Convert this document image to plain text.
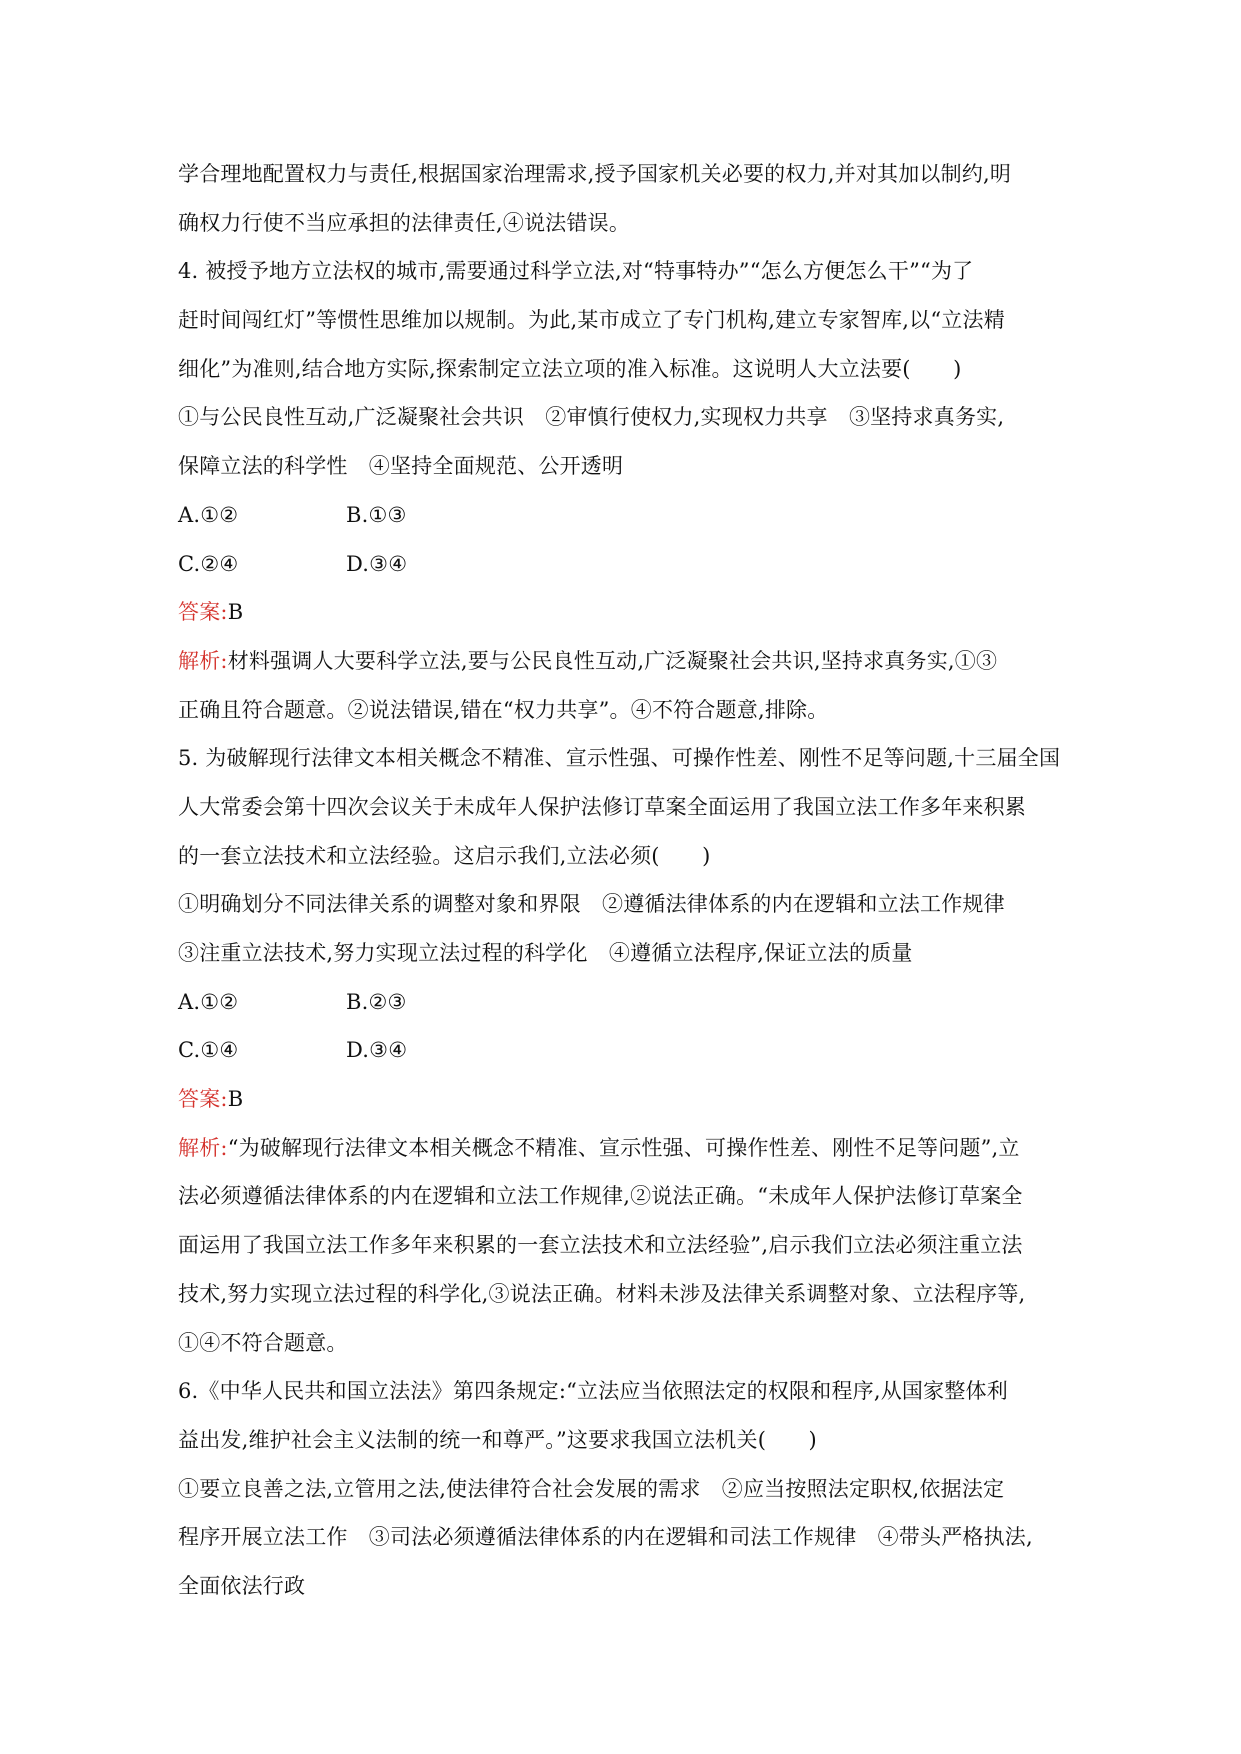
学合理地配置权力与责任,根据国家治理需求,授予国家机关必要的权力,并对其加以制约,明
确权力行使不当应承担的法律责任,④说法错误。
4. 被授予地方立法权的城市,需要通过科学立法,对“特事特办”“怎么方便怎么干”“为了
赶时间闯红灯”等惯性思维加以规制。为此,某市成立了专门机构,建立专家智库,以“立法精
细化”为准则,结合地方实际,探索制定立法立项的准入标准。这说明人大立法要(　　)
①与公民良性互动,广泛凝聚社会共识　②审慎行使权力,实现权力共享　③坚持求真务实,
保障立法的科学性　④坚持全面规范、公开透明
A.①②	B.①③
C.②④	D.③④
答案:B
解析:材料强调人大要科学立法,要与公民良性互动,广泛凝聚社会共识,坚持求真务实,①③
正确且符合题意。②说法错误,错在“权力共享”。④不符合题意,排除。
5. 为破解现行法律文本相关概念不精准、宣示性强、可操作性差、刚性不足等问题,十三届全国
人大常委会第十四次会议关于未成年人保护法修订草案全面运用了我国立法工作多年来积累
的一套立法技术和立法经验。这启示我们,立法必须(　　)
①明确划分不同法律关系的调整对象和界限　②遵循法律体系的内在逻辑和立法工作规律
③注重立法技术,努力实现立法过程的科学化　④遵循立法程序,保证立法的质量
A.①②	B.②③
C.①④	D.③④
答案:B
解析:“为破解现行法律文本相关概念不精准、宣示性强、可操作性差、刚性不足等问题”,立
法必须遵循法律体系的内在逻辑和立法工作规律,②说法正确。“未成年人保护法修订草案全
面运用了我国立法工作多年来积累的一套立法技术和立法经验”,启示我们立法必须注重立法
技术,努力实现立法过程的科学化,③说法正确。材料未涉及法律关系调整对象、立法程序等,
①④不符合题意。
6.《中华人民共和国立法法》第四条规定:“立法应当依照法定的权限和程序,从国家整体利
益出发,维护社会主义法制的统一和尊严。”这要求我国立法机关(　　)
①要立良善之法,立管用之法,使法律符合社会发展的需求　②应当按照法定职权,依据法定
程序开展立法工作　③司法必须遵循法律体系的内在逻辑和司法工作规律　④带头严格执法,
全面依法行政
